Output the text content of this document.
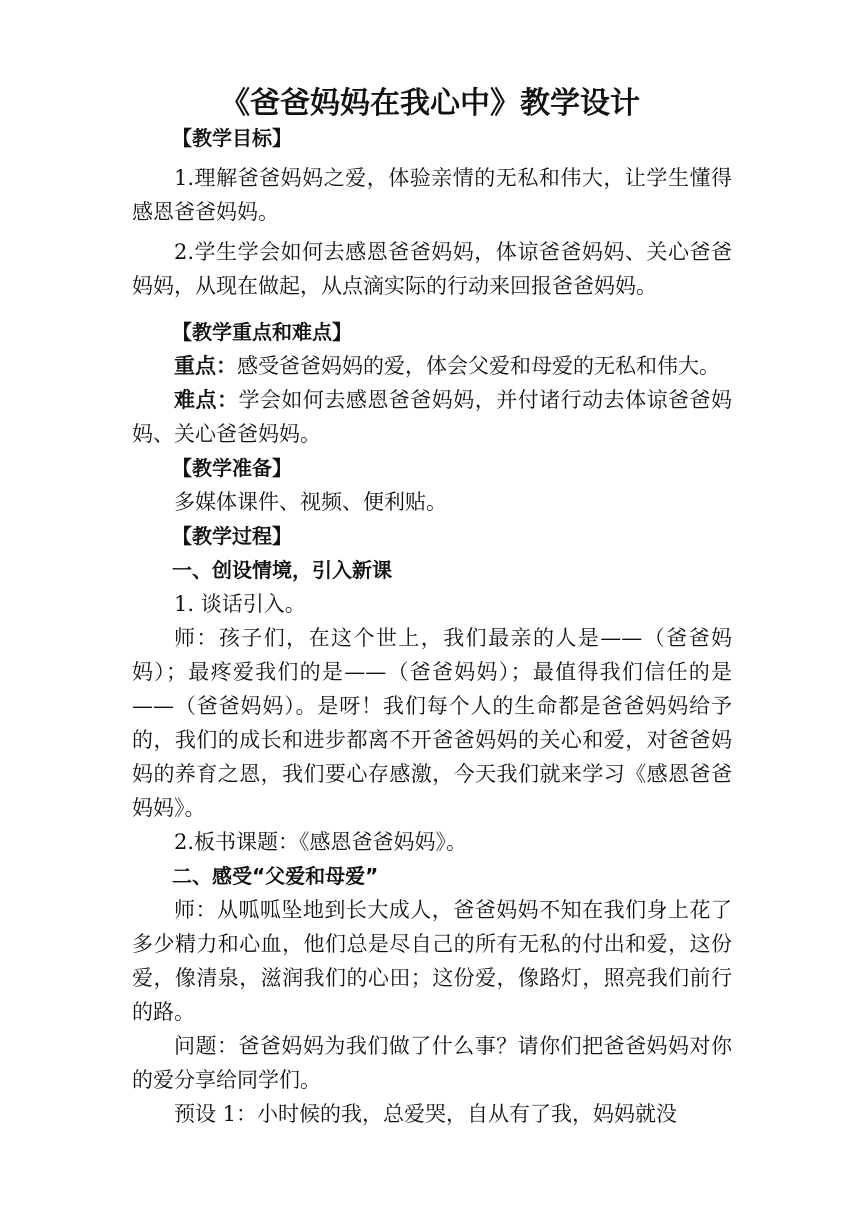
《爸爸妈妈在我心中》教学设计

【教学目标】

1.理解爸爸妈妈之爱，体验亲情的无私和伟大，让学生懂得感恩爸爸妈妈。

2.学生学会如何去感恩爸爸妈妈，体谅爸爸妈妈、关心爸爸妈妈，从现在做起，从点滴实际的行动来回报爸爸妈妈。

【教学重点和难点】

重点：感受爸爸妈妈的爱，体会父爱和母爱的无私和伟大。

难点：学会如何去感恩爸爸妈妈，并付诸行动去体谅爸爸妈妈、关心爸爸妈妈。

【教学准备】

多媒体课件、视频、便利贴。

【教学过程】

一、创设情境，引入新课

1. 谈话引入。

师：孩子们，在这个世上，我们最亲的人是——（爸爸妈妈）；最疼爱我们的是——（爸爸妈妈）；最值得我们信任的是——（爸爸妈妈）。是呀！我们每个人的生命都是爸爸妈妈给予的，我们的成长和进步都离不开爸爸妈妈的关心和爱，对爸爸妈妈的养育之恩，我们要心存感激，今天我们就来学习《感恩爸爸妈妈》。

2.板书课题：《感恩爸爸妈妈》。

二、感受“父爱和母爱”

师：从呱呱坠地到长大成人，爸爸妈妈不知在我们身上花了多少精力和心血，他们总是尽自己的所有无私的付出和爱，这份爱，像清泉，滋润我们的心田；这份爱，像路灯，照亮我们前行的路。

问题：爸爸妈妈为我们做了什么事？请你们把爸爸妈妈对你的爱分享给同学们。

预设 1：小时候的我，总爱哭，自从有了我，妈妈就没
